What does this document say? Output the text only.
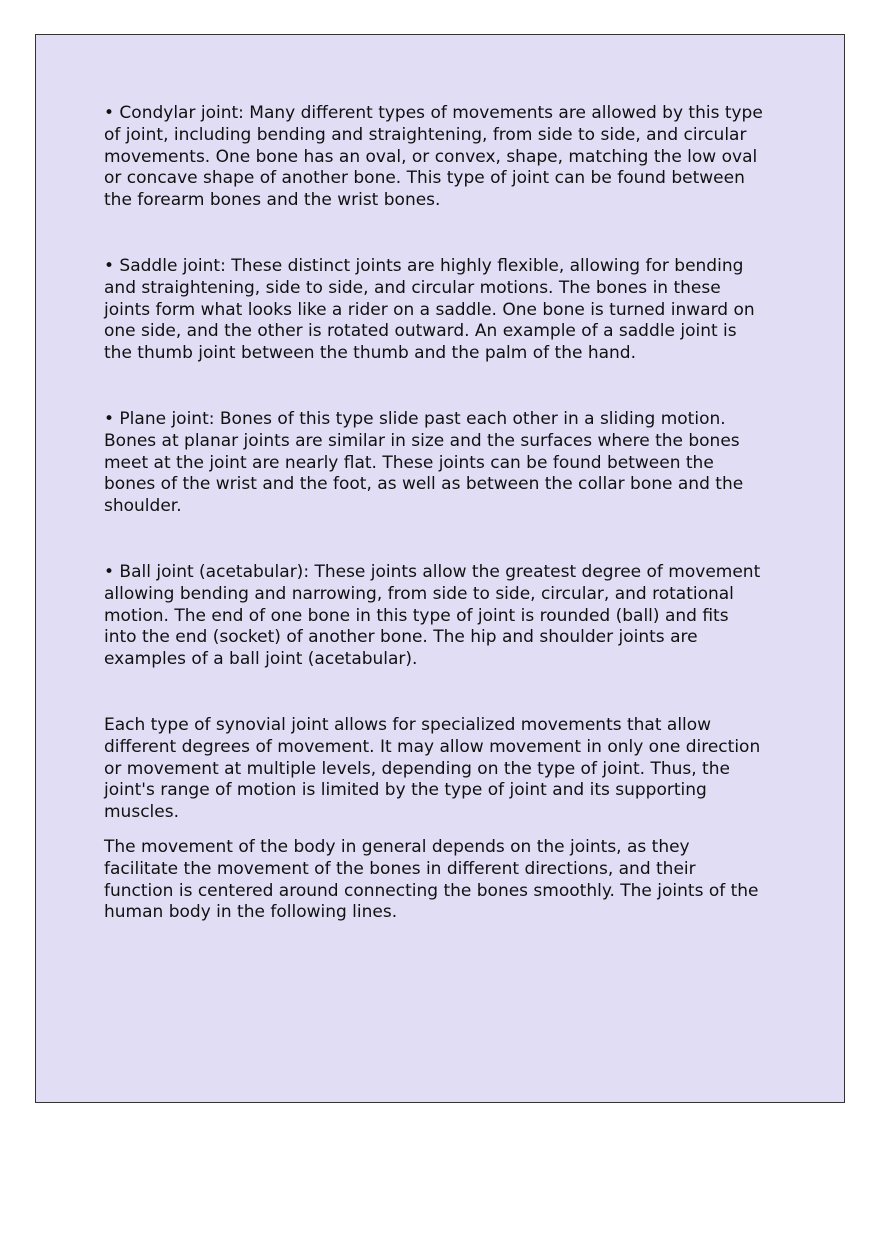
• Condylar joint: Many different types of movements are allowed by this type
of joint, including bending and straightening, from side to side, and circular
movements. One bone has an oval, or convex, shape, matching the low oval
or concave shape of another bone. This type of joint can be found between
the forearm bones and the wrist bones.

• Saddle joint: These distinct joints are highly flexible, allowing for bending
and straightening, side to side, and circular motions. The bones in these
joints form what looks like a rider on a saddle. One bone is turned inward on
one side, and the other is rotated outward. An example of a saddle joint is
the thumb joint between the thumb and the palm of the hand.

• Plane joint: Bones of this type slide past each other in a sliding motion.
Bones at planar joints are similar in size and the surfaces where the bones
meet at the joint are nearly flat. These joints can be found between the
bones of the wrist and the foot, as well as between the collar bone and the
shoulder.

• Ball joint (acetabular): These joints allow the greatest degree of movement
allowing bending and narrowing, from side to side, circular, and rotational
motion. The end of one bone in this type of joint is rounded (ball) and fits
into the end (socket) of another bone. The hip and shoulder joints are
examples of a ball joint (acetabular).

Each type of synovial joint allows for specialized movements that allow
different degrees of movement. It may allow movement in only one direction
or movement at multiple levels, depending on the type of joint. Thus, the
joint's range of motion is limited by the type of joint and its supporting
muscles.

The movement of the body in general depends on the joints, as they
facilitate the movement of the bones in different directions, and their
function is centered around connecting the bones smoothly. The joints of the
human body in the following lines.
